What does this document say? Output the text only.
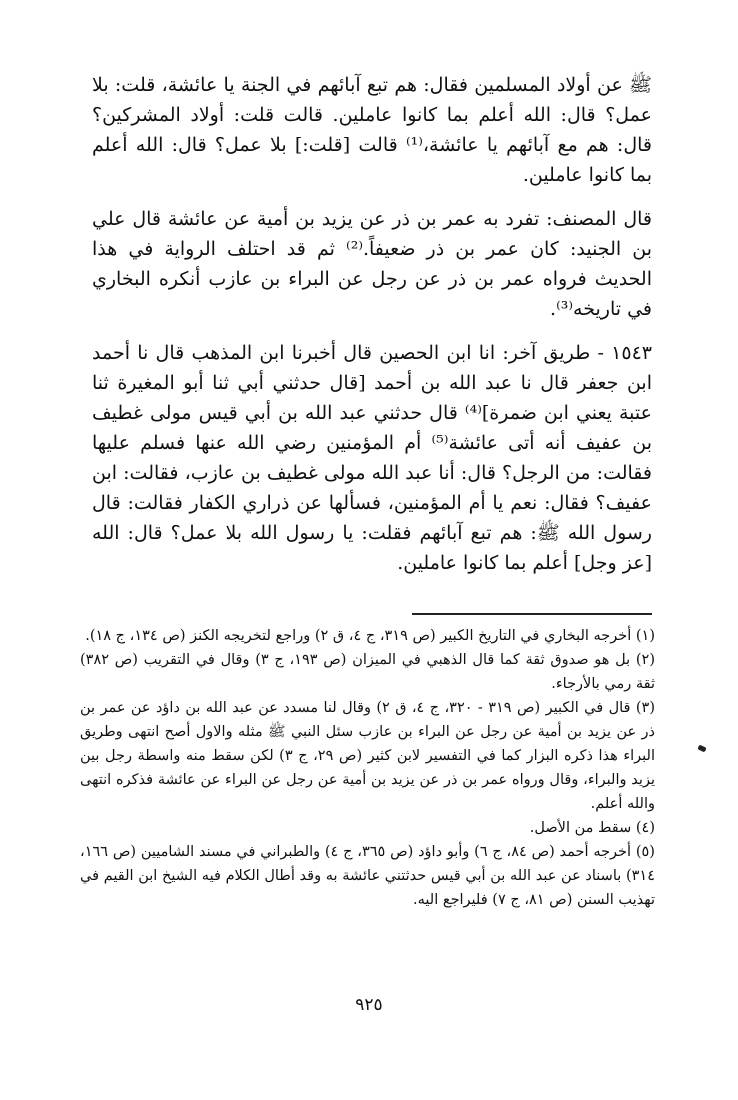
ﷺ عن أولاد المسلمين فقال: هم تبع آبائهم في الجنة يا عائشة، قلت: بلا عمل؟ قال: الله أعلم بما كانوا عاملين. قالت قلت: أولاد المشركين؟ قال: هم مع آبائهم يا عائشة،⁽¹⁾ قالت [قلت:] بلا عمل؟ قال: الله أعلم بما كانوا عاملين.

قال المصنف: تفرد به عمر بن ذر عن يزيد بن أمية عن عائشة قال علي بن الجنيد: كان عمر بن ذر ضعيفاً.⁽²⁾ ثم قد احتلف الرواية في هذا الحديث فرواه عمر بن ذر عن رجل عن البراء بن عازب أنكره البخاري في تاريخه⁽³⁾.

١٥٤٣ - طريق آخر: انا ابن الحصين قال أخبرنا ابن المذهب قال نا أحمد ابن جعفر قال نا عبد الله بن أحمد [قال حدثني أبي ثنا أبو المغيرة ثنا عتبة يعني ابن ضمرة]⁽⁴⁾ قال حدثني عبد الله بن أبي قيس مولى غطيف بن عفيف أنه أتى عائشة⁽⁵⁾ أم المؤمنين رضي الله عنها فسلم عليها فقالت: من الرجل؟ قال: أنا عبد الله مولى غطيف بن عازب، فقالت: ابن عفيف؟ فقال: نعم يا أم المؤمنين، فسألها عن ذراري الكفار فقالت: قال رسول الله ﷺ: هم تبع آبائهم فقلت: يا رسول الله بلا عمل؟ قال: الله [عز وجل] أعلم بما كانوا عاملين.

(١) أخرجه البخاري في التاريخ الكبير (ص ٣١٩، ج ٤، ق ٢) وراجع لتخريجه الكنز (ص ١٣٤، ج ١٨).

(٢) بل هو صدوق ثقة كما قال الذهبي في الميزان (ص ١٩٣، ج ٣) وقال في التقريب (ص ٣٨٢) ثقة رمي بالأرجاء.

(٣) قال في الكبير (ص ٣١٩ - ٣٢٠، ج ٤، ق ٢) وقال لنا مسدد عن عبد الله بن داؤد عن عمر بن ذر عن يزيد بن أمية عن رجل عن البراء بن عازب سئل النبي ﷺ مثله والاول أصح انتهى وطريق البراء هذا ذكره البزار كما في التفسير لابن كثير (ص ٢٩، ج ٣) لكن سقط منه واسطة رجل بين يزيد والبراء، وقال ورواه عمر بن ذر عن يزيد بن أمية عن رجل عن البراء عن عائشة فذكره انتهى والله أعلم.

(٤) سقط من الأصل.

(٥) أخرجه أحمد (ص ٨٤، ج ٦) وأبو داؤد (ص ٣٦٥، ج ٤) والطبراني في مسند الشاميين (ص ١٦٦، ٣١٤) باسناد عن عبد الله بن أبي قيس حدثتني عائشة به وقد أطال الكلام فيه الشيخ ابن القيم في تهذيب السنن (ص ٨١، ج ٧) فليراجع اليه.

٩٢٥
